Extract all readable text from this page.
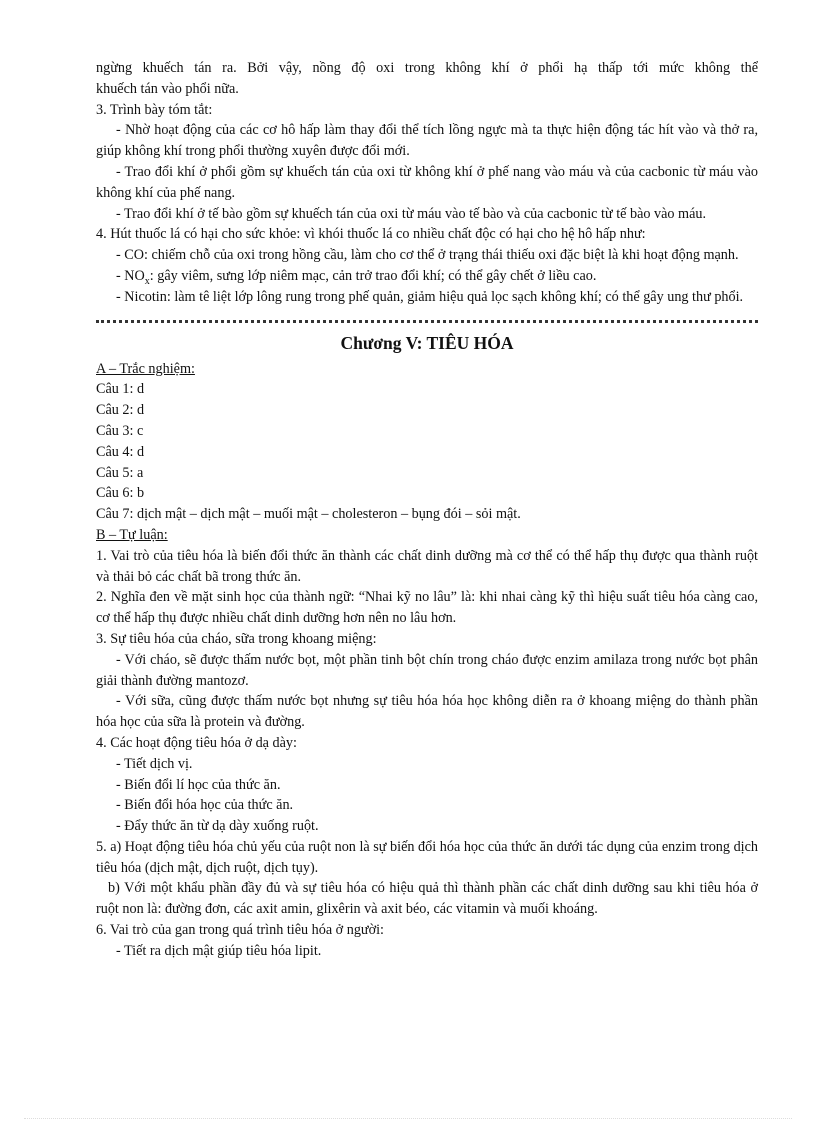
ngừng khuếch tán ra. Bởi vậy, nồng độ oxi trong không khí ở phổi hạ thấp tới mức không thể

khuếch tán vào phổi nữa.

3. Trình bày tóm tắt:

- Nhờ hoạt động của các cơ hô hấp làm thay đổi thể tích lồng ngực mà ta thực hiện động tác hít vào và thở ra, giúp không khí trong phổi thường xuyên được đổi mới.

- Trao đổi khí ở phổi gồm sự khuếch tán của oxi từ không khí ở phế nang vào máu và của cacbonic từ máu vào không khí của phế nang.

- Trao đổi khí ở tế bào gồm sự khuếch tán của oxi từ máu vào tế bào và của cacbonic từ tế bào vào máu.

4. Hút thuốc lá có hại cho sức khỏe: vì khói thuốc lá co nhiều chất độc có hại cho hệ hô hấp như:

- CO: chiếm chỗ của oxi trong hồng cầu, làm cho cơ thể ở trạng thái thiếu oxi đặc biệt là khi hoạt động mạnh.

- $NO_x$: gây viêm, sưng lớp niêm mạc, cản trở trao đổi khí; có thể gây chết ở liều cao.

- Nicotin: làm tê liệt lớp lông rung trong phế quản, giảm hiệu quả lọc sạch không khí; có thể gây ung thư phổi.

Chương V: TIÊU HÓA

A – Trắc nghiệm:

Câu 1: d

Câu 2: d

Câu 3: c

Câu 4: d

Câu 5: a

Câu 6: b

Câu 7: dịch mật – dịch mật – muối mật – cholesteron – bụng đói – sỏi mật.

B – Tự luận:

1. Vai trò của tiêu hóa là biến đổi thức ăn thành các chất dinh dưỡng mà cơ thể có thể hấp thụ được qua thành ruột và thải bỏ các chất bã trong thức ăn.

2. Nghĩa đen về mặt sinh học của thành ngữ: “Nhai kỹ no lâu” là: khi nhai càng kỹ thì hiệu suất tiêu hóa càng cao, cơ thể hấp thụ được nhiều chất dinh dưỡng hơn nên no lâu hơn.

3. Sự tiêu hóa của cháo, sữa trong khoang miệng:

- Với cháo, sẽ được thấm nước bọt, một phần tinh bột chín trong cháo được enzim amilaza trong nước bọt phân giải thành đường mantozơ.

- Với sữa, cũng được thấm nước bọt nhưng sự tiêu hóa hóa học không diễn ra ở khoang miệng do thành phần hóa học của sữa là protein và đường.

4. Các hoạt động tiêu hóa ở dạ dày:

- Tiết dịch vị.

- Biến đổi lí học của thức ăn.

- Biến đổi hóa học của thức ăn.

- Đẩy thức ăn từ dạ dày xuống ruột.

5. a) Hoạt động tiêu hóa chủ yếu của ruột non là sự biến đổi hóa học của thức ăn dưới tác dụng của enzim trong dịch tiêu hóa (dịch mật, dịch ruột, dịch tụy).

b) Với một khẩu phần đầy đủ và sự tiêu hóa có hiệu quả thì thành phần các chất dinh dưỡng sau khi tiêu hóa ở ruột non là: đường đơn, các axit amin, glixêrin và axit béo, các vitamin và muối khoáng.

6. Vai trò của gan trong quá trình tiêu hóa ở người:

- Tiết ra dịch mật giúp tiêu hóa lipit.
